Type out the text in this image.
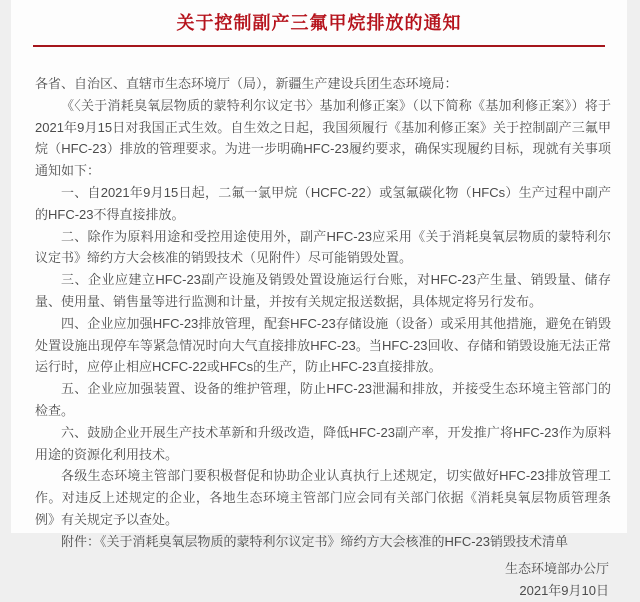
关于控制副产三氟甲烷排放的通知

各省、自治区、直辖市生态环境厅（局），新疆生产建设兵团生态环境局：

《〈关于消耗臭氧层物质的蒙特利尔议定书〉基加利修正案》（以下简称《基加利修正案》）将于2021年9月15日对我国正式生效。自生效之日起，我国须履行《基加利修正案》关于控制副产三氟甲烷（HFC-23）排放的管理要求。为进一步明确HFC-23履约要求，确保实现履约目标，现就有关事项通知如下：

一、自2021年9月15日起，二氟一氯甲烷（HCFC-22）或氢氟碳化物（HFCs）生产过程中副产的HFC-23不得直接排放。

二、除作为原料用途和受控用途使用外，副产HFC-23应采用《关于消耗臭氧层物质的蒙特利尔议定书》缔约方大会核准的销毁技术（见附件）尽可能销毁处置。

三、企业应建立HFC-23副产设施及销毁处置设施运行台账，对HFC-23产生量、销毁量、储存量、使用量、销售量等进行监测和计量，并按有关规定报送数据，具体规定将另行发布。

四、企业应加强HFC-23排放管理，配套HFC-23存储设施（设备）或采用其他措施，避免在销毁处置设施出现停车等紧急情况时向大气直接排放HFC-23。当HFC-23回收、存储和销毁设施无法正常运行时，应停止相应HCFC-22或HFCs的生产，防止HFC-23直接排放。

五、企业应加强装置、设备的维护管理，防止HFC-23泄漏和排放，并接受生态环境主管部门的检查。

六、鼓励企业开展生产技术革新和升级改造，降低HFC-23副产率，开发推广将HFC-23作为原料用途的资源化利用技术。

各级生态环境主管部门要积极督促和协助企业认真执行上述规定，切实做好HFC-23排放管理工作。对违反上述规定的企业，各地生态环境主管部门应会同有关部门依据《消耗臭氧层物质管理条例》有关规定予以查处。

附件：《关于消耗臭氧层物质的蒙特利尔议定书》缔约方大会核准的HFC-23销毁技术清单

生态环境部办公厅

2021年9月10日
